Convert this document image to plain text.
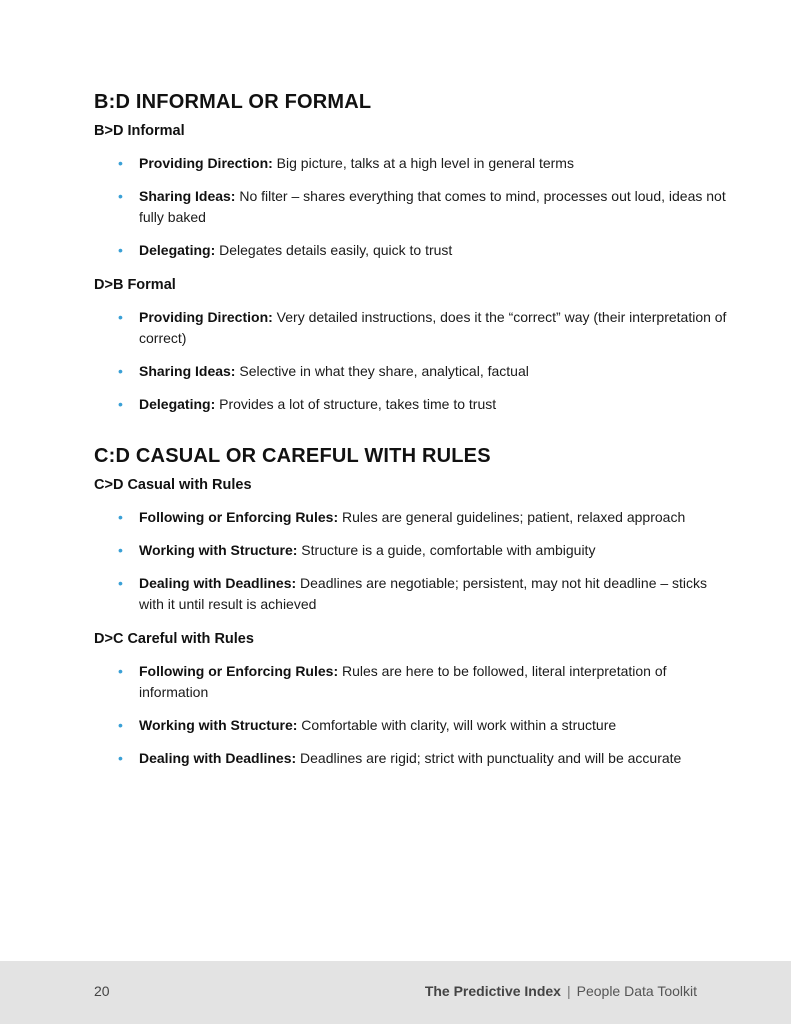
B:D INFORMAL OR FORMAL
B>D Informal
• Providing Direction: Big picture, talks at a high level in general terms
• Sharing Ideas: No filter – shares everything that comes to mind, processes out loud, ideas not fully baked
• Delegating: Delegates details easily, quick to trust
D>B Formal
• Providing Direction: Very detailed instructions, does it the “correct” way (their interpretation of correct)
• Sharing Ideas: Selective in what they share, analytical, factual
• Delegating: Provides a lot of structure, takes time to trust
C:D CASUAL OR CAREFUL WITH RULES
C>D Casual with Rules
• Following or Enforcing Rules: Rules are general guidelines; patient, relaxed approach
• Working with Structure: Structure is a guide, comfortable with ambiguity
• Dealing with Deadlines: Deadlines are negotiable; persistent, may not hit deadline – sticks with it until result is achieved
D>C Careful with Rules
• Following or Enforcing Rules: Rules are here to be followed, literal interpretation of information
• Working with Structure: Comfortable with clarity, will work within a structure
• Dealing with Deadlines: Deadlines are rigid; strict with punctuality and will be accurate
20	The Predictive Index | People Data Toolkit
